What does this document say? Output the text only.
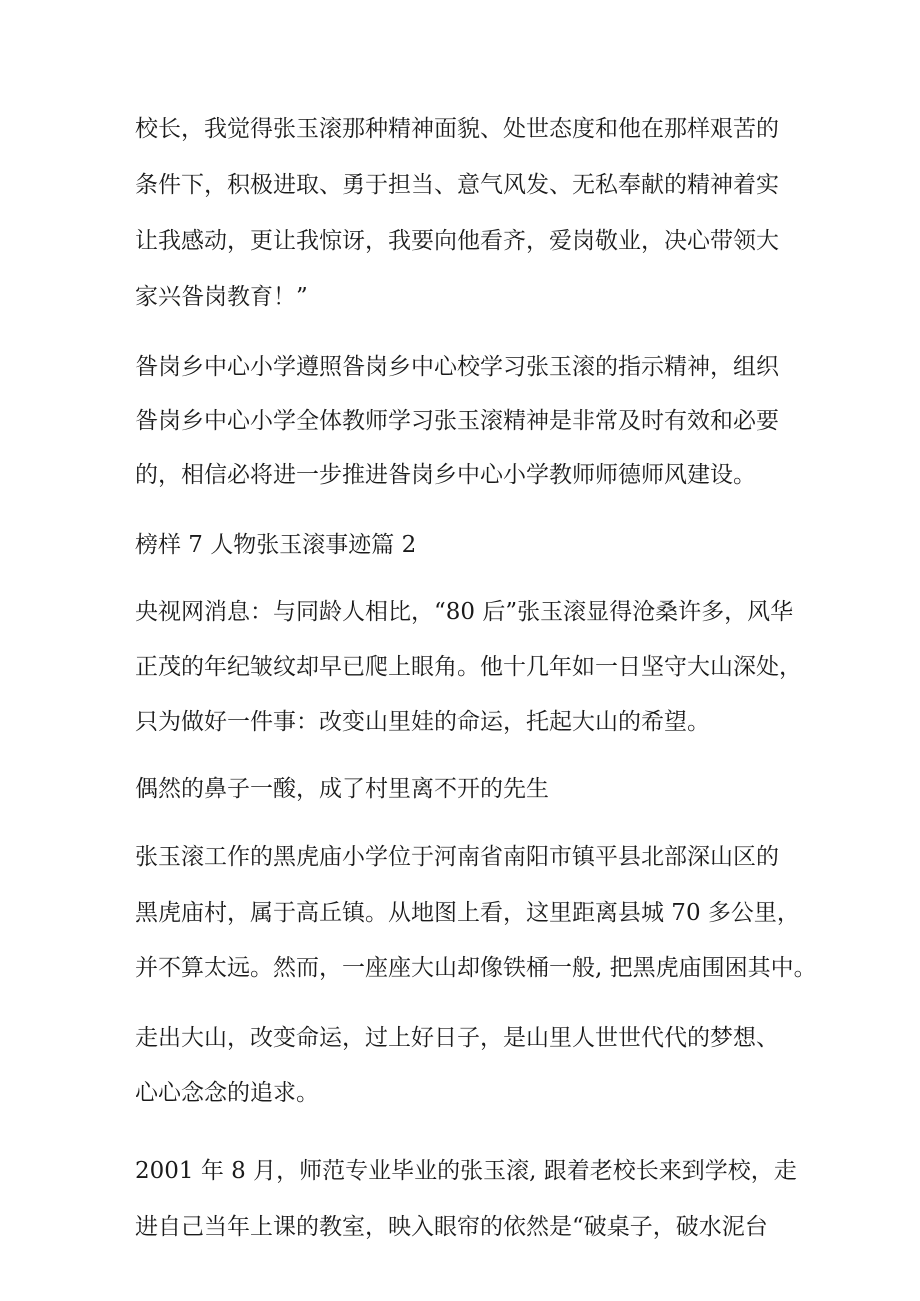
校长，我觉得张玉滚那种精神面貌、处世态度和他在那样艰苦的

条件下，积极进取、勇于担当、意气风发、无私奉献的精神着实

让我感动，更让我惊讶，我要向他看齐，爱岗敬业，决心带领大

家兴昝岗教育！”

昝岗乡中心小学遵照昝岗乡中心校学习张玉滚的指示精神，组织

昝岗乡中心小学全体教师学习张玉滚精神是非常及时有效和必要

的，相信必将进一步推进昝岗乡中心小学教师师德师风建设。

榜样 7 人物张玉滚事迹篇 2

央视网消息：与同龄人相比，“80 后”张玉滚显得沧桑许多，风华

正茂的年纪皱纹却早已爬上眼角。他十几年如一日坚守大山深处，

只为做好一件事：改变山里娃的命运，托起大山的希望。

偶然的鼻子一酸，成了村里离不开的先生

张玉滚工作的黑虎庙小学位于河南省南阳市镇平县北部深山区的

黑虎庙村，属于高丘镇。从地图上看，这里距离县城 70 多公里，

并不算太远。然而，一座座大山却像铁桶一般, 把黑虎庙围困其中。

走出大山，改变命运，过上好日子，是山里人世世代代的梦想、

心心念念的追求。

2001 年 8 月，师范专业毕业的张玉滚, 跟着老校长来到学校，走

进自己当年上课的教室，映入眼帘的依然是“破桌子，破水泥台
